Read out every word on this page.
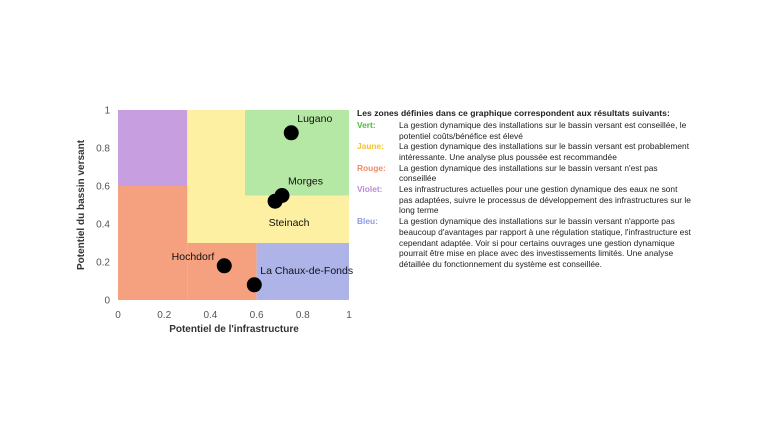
Lugano
Morges
Steinach
Hochdorf
La Chaux-de-Fonds
0	0.2	0.4	0.6	0.8	1
0
0.2
0.4
0.6
0.8
1
Potentiel de l'infrastructure
Potentiel du bassin versant
Les zones définies dans ce graphique correspondent aux résultats suivants:
Vert:	La gestion dynamique des installations sur le bassin versant est conseillée, le potentiel coûts/bénéfice est élevé
Jaune:	La gestion dynamique des installations sur le bassin versant est probablement intéressante. Une analyse plus poussée est recommandée
Rouge:	La gestion dynamique des installations sur le bassin versant n'est pas conseillée
Violet:	Les infrastructures actuelles pour une gestion dynamique des eaux ne sont pas adaptées, suivre le processus de développement des infrastructures sur le long terme
Bleu:	La gestion dynamique des installations sur le bassin versant n'apporte pas beaucoup d'avantages par rapport à une régulation statique, l'infrastructure est cependant adaptée. Voir si pour certains ouvrages une gestion dynamique pourrait être mise en place avec des investissements limités. Une analyse détaillée du fonctionnement du système est conseillée.
